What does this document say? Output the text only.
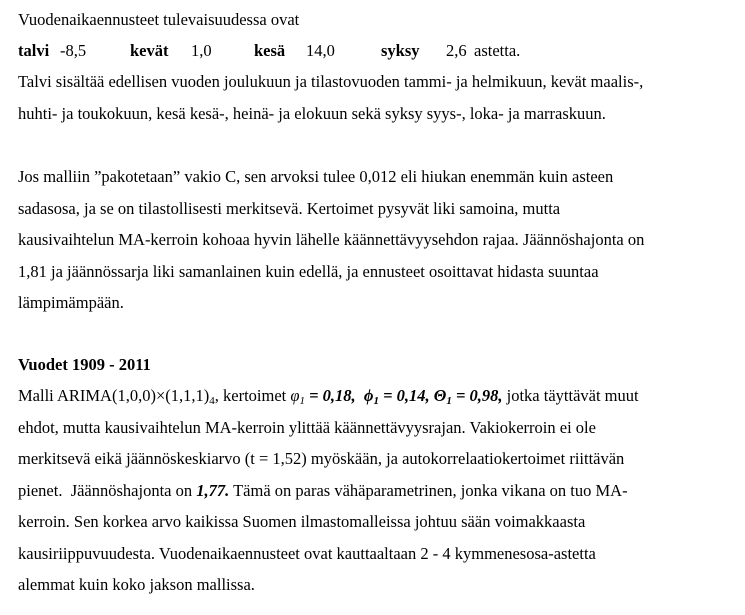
Vuodenaikaennusteet tulevaisuudessa ovat
talvi -8,5	kevät 1,0	kesä 14,0	syksy 2,6 astetta.
Talvi sisältää edellisen vuoden joulukuun ja tilastovuoden tammi- ja helmikuun, kevät maalis-,
huhti- ja toukokuun, kesä kesä-, heinä- ja elokuun sekä syksy syys-, loka- ja marraskuun.
Jos malliin ”pakotetaan” vakio C, sen arvoksi tulee 0,012 eli hiukan enemmän kuin asteen
sadasosa, ja se on tilastollisesti merkitsevä. Kertoimet pysyvät liki samoina, mutta
kausivaihtelun MA-kerroin kohoaa hyvin lähelle käännettävyysehdon rajaa. Jäännöshajonta on
1,81 ja jäännössarja liki samanlainen kuin edellä, ja ennusteet osoittavat hidasta suuntaa
lämpimämpään.
Vuodet 1909 - 2011
Malli $ARIMA(1,0,0)\times(1,1,1)_4$, kertoimet $\varphi_1 = 0,18$, $\phi_1 = 0,14$, $\Theta_1 = 0,98$, jotka täyttävät muut
ehdot, mutta kausivaihtelun MA-kerroin ylittää käännettävyysrajan. Vakiokerroin ei ole
merkitsevä eikä jäännöskeskiarvo (t = 1,52) myöskään, ja autokorrelaatiokertoimet riittävän
pienet.  Jäännöshajonta on 1,77. Tämä on paras vähäparametrinen, jonka vikana on tuo MA-
kerroin. Sen korkea arvo kaikissa Suomen ilmastomalleissa johtuu sään voimakkaasta
kausiriippuvuudesta. Vuodenaikaennusteet ovat kauttaaltaan 2 - 4 kymmenesosa-astetta
alemmat kuin koko jakson mallissa.
